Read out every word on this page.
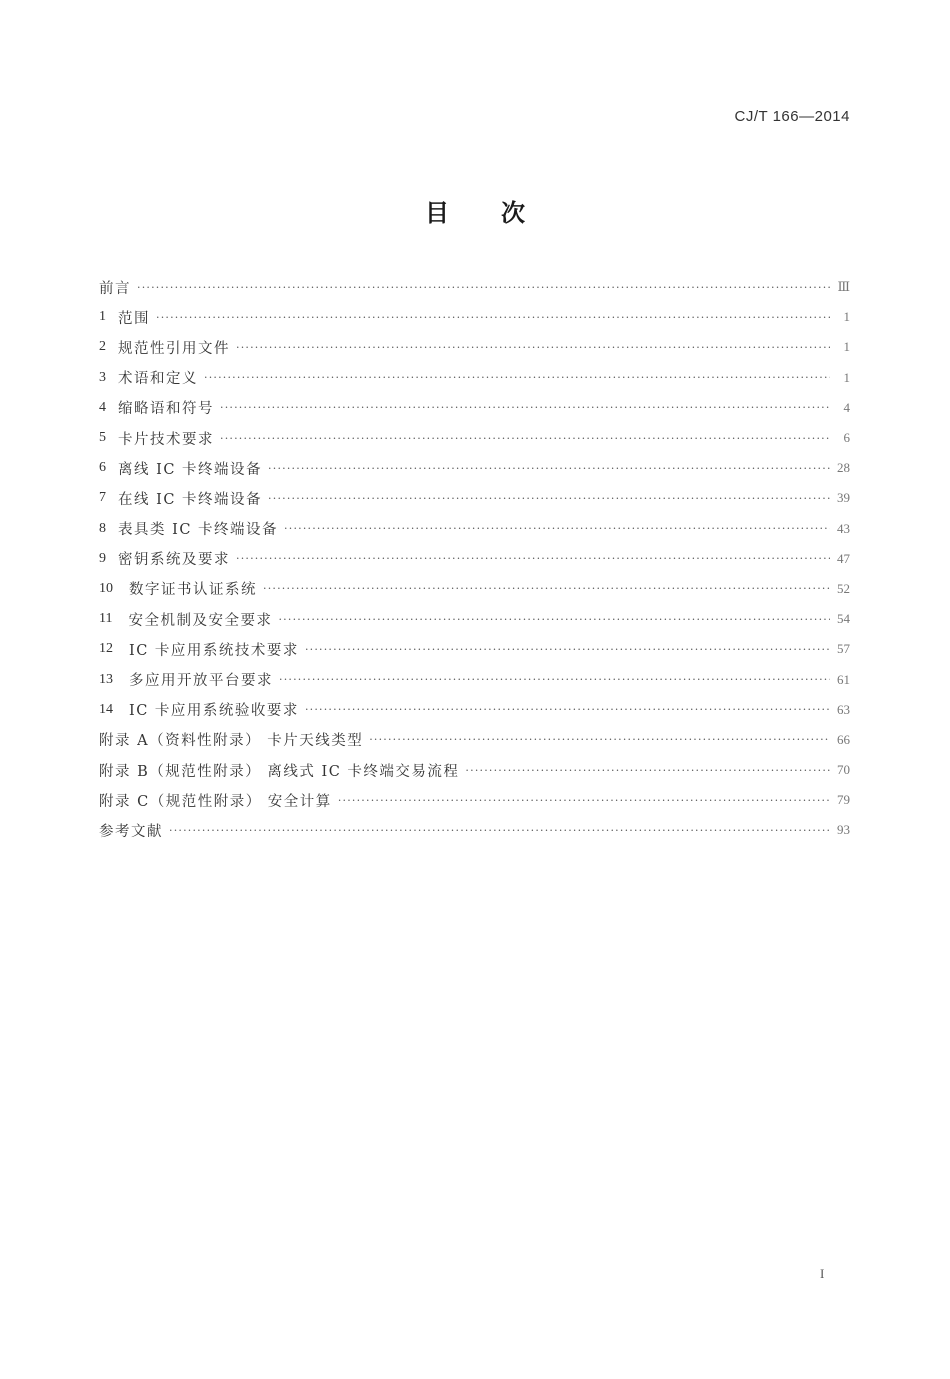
CJ/T 166—2014
目次
前言 ·····	Ⅲ
1 范围 ·····	1
2 规范性引用文件 ·····	1
3 术语和定义 ·····	1
4 缩略语和符号 ·····	4
5 卡片技术要求 ·····	6
6 离线 IC 卡终端设备 ·····	28
7 在线 IC 卡终端设备 ·····	39
8 表具类 IC 卡终端设备 ·····	43
9 密钥系统及要求 ·····	47
10 数字证书认证系统 ·····	52
11 安全机制及安全要求 ·····	54
12 IC 卡应用系统技术要求 ·····	57
13 多应用开放平台要求 ·····	61
14 IC 卡应用系统验收要求 ·····	63
附录 A（资料性附录） 卡片天线类型 ·····	66
附录 B（规范性附录） 离线式 IC 卡终端交易流程 ·····	70
附录 C（规范性附录） 安全计算 ·····	79
参考文献 ·····	93
I
